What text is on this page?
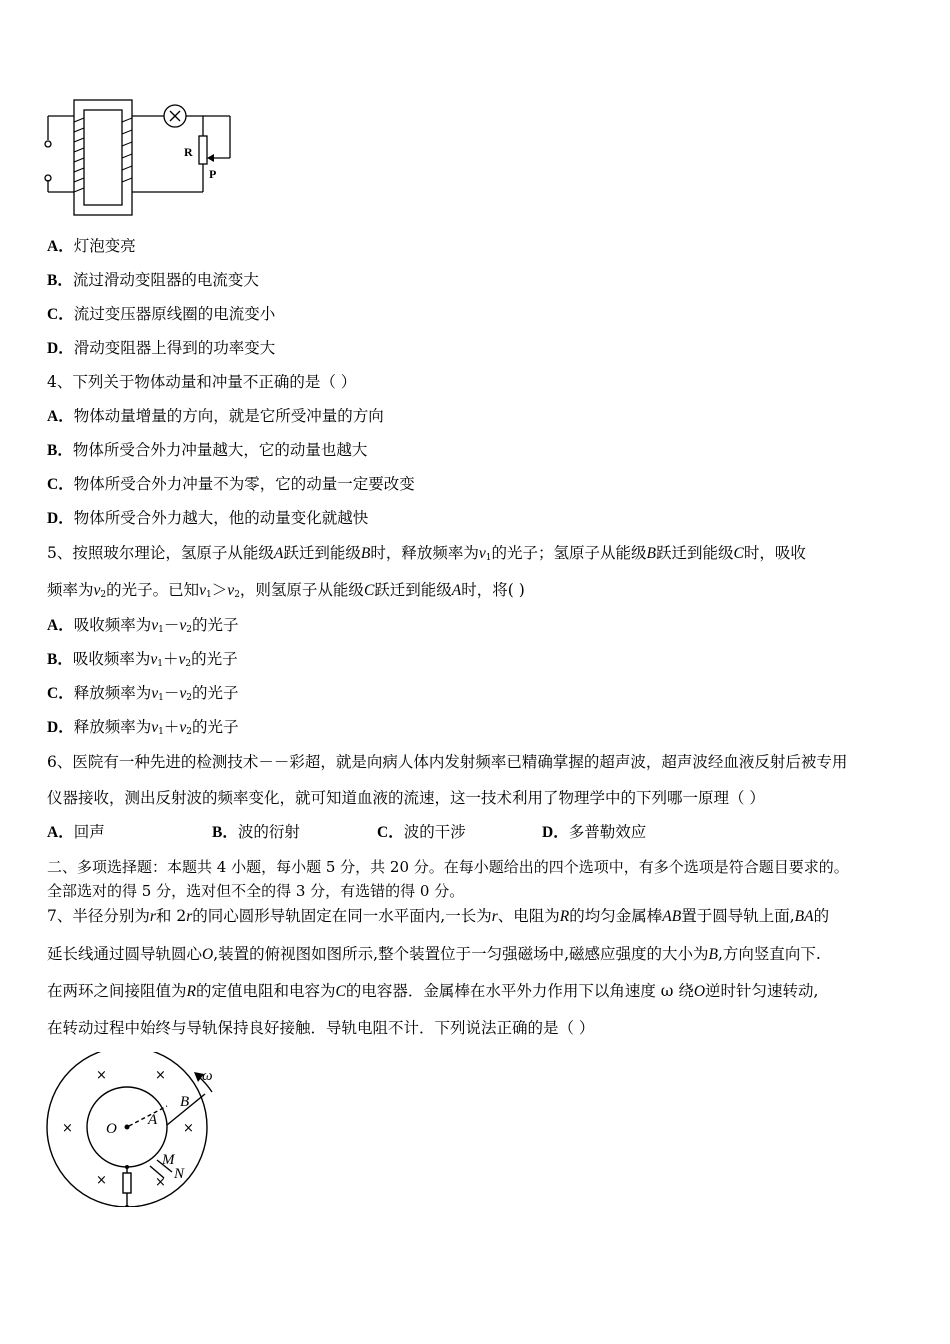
R
P
A．灯泡变亮
B．流过滑动变阻器的电流变大
C．流过变压器原线圈的电流变小
D．滑动变阻器上得到的功率变大
4、下列关于物体动量和冲量不正确的是（ ）
A．物体动量增量的方向，就是它所受冲量的方向
B．物体所受合外力冲量越大，它的动量也越大
C．物体所受合外力冲量不为零，它的动量一定要改变
D．物体所受合外力越大，他的动量变化就越快
5、按照玻尔理论，氢原子从能级A跃迁到能级B时，释放频率为$\nu_1$的光子；氢原子从能级B跃迁到能级C时，吸收
频率为$\nu_2$的光子。已知$\nu_1>\nu_2$，则氢原子从能级C跃迁到能级A时，将( )
A．吸收频率为$\nu_1-\nu_2$的光子
B．吸收频率为$\nu_1+\nu_2$的光子
C．释放频率为$\nu_1-\nu_2$的光子
D．释放频率为$\nu_1+\nu_2$的光子
6、医院有一种先进的检测技术－－彩超，就是向病人体内发射频率已精确掌握的超声波，超声波经血液反射后被专用
仪器接收，测出反射波的频率变化，就可知道血液的流速，这一技术利用了物理学中的下列哪一原理（ ）
A．回声	B．波的衍射	C．波的干涉	D．多普勒效应
二、多项选择题：本题共 4 小题，每小题 5 分，共 20 分。在每小题给出的四个选项中，有多个选项是符合题目要求的。
全部选对的得 5 分，选对但不全的得 3 分，有选错的得 0 分。
7、半径分别为r和 2r的同心圆形导轨固定在同一水平面内,一长为r、电阻为R的均匀金属棒AB置于圆导轨上面,BA的
延长线通过圆导轨圆心O,装置的俯视图如图所示,整个装置位于一匀强磁场中,磁感应强度的大小为B,方向竖直向下.
在两环之间接阻值为R的定值电阻和电容为C的电容器．金属棒在水平外力作用下以角速度 ω 绕O逆时针匀速转动,
在转动过程中始终与导轨保持良好接触．导轨电阻不计．下列说法正确的是（ ）
×	×
×	×
×	×
O
A
B
ω
M
N
